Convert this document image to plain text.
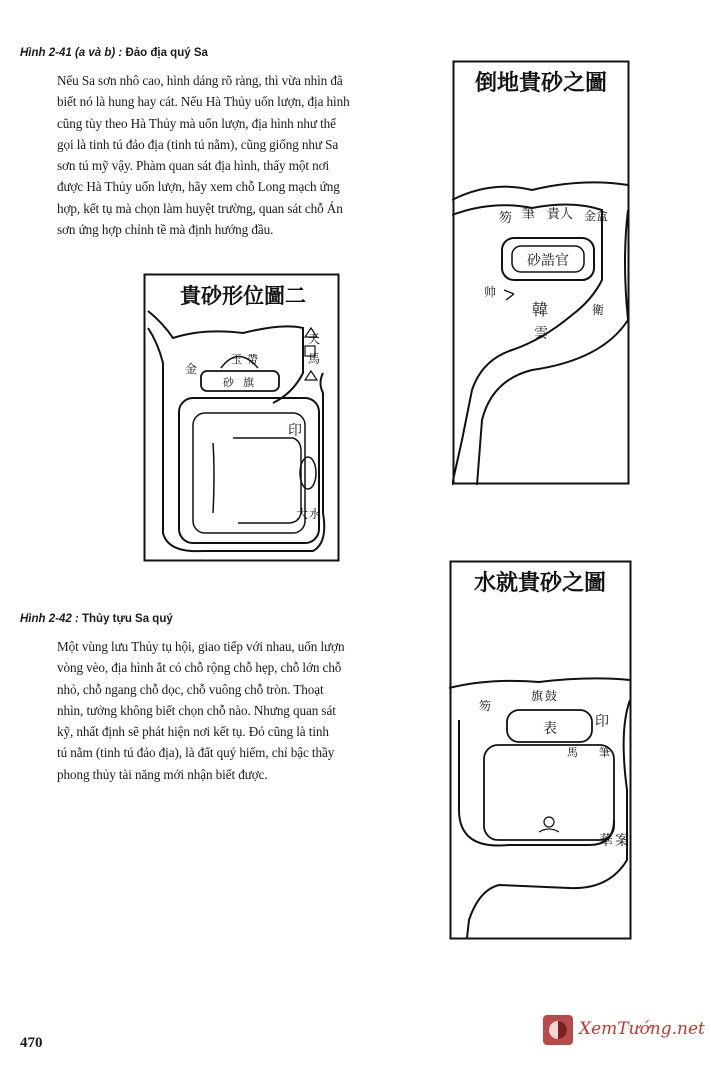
Hình 2-41 (a và b) : Đảo địa quý Sa

Nếu Sa sơn nhô cao, hình dáng rõ ràng, thì vừa nhìn đã
biết nó là hung hay cát. Nếu Hà Thủy uốn lượn, địa hình
cũng tùy theo Hà Thủy mà uốn lượn, địa hình như thế
gọi là tinh tú đảo địa (tinh tú nằm), cũng giống như Sa
sơn tú mỹ vậy. Phàm quan sát địa hình, thấy một nơi
được Hà Thủy uốn lượn, hãy xem chỗ Long mạch ứng
hợp, kết tụ mà chọn làm huyệt trường, quan sát chỗ Án
sơn ứng hợp chỉnh tề mà định hướng đầu.

倒地貴砂之圖
砂誥官
笏 筆 貴人 金盒
帅
韓	衛
雲
貴砂形位圖二
天
馬
玉 帶
金
砂 旗
印
大 水
Hình 2-42 : Thủy tựu Sa quý

Một vùng lưu Thủy tụ hội, giao tiếp với nhau, uốn lượn
vòng vèo, địa hình ắt có chỗ rộng chỗ hẹp, chỗ lớn chỗ
nhỏ, chỗ ngang chỗ dọc, chỗ vuông chỗ tròn. Thoạt
nhìn, tưởng không biết chọn chỗ nào. Nhưng quan sát
kỹ, nhất định sẽ phát hiện nơi kết tụ. Đó cũng là tinh
tú nằm (tinh tú đảo địa), là đất quý hiếm, chỉ bậc thầy
phong thủy tài năng mới nhận biết được.

水就貴砂之圖
表
旗 鼓
笏
印
馬 筆
華 案
470
XemTướng.net
